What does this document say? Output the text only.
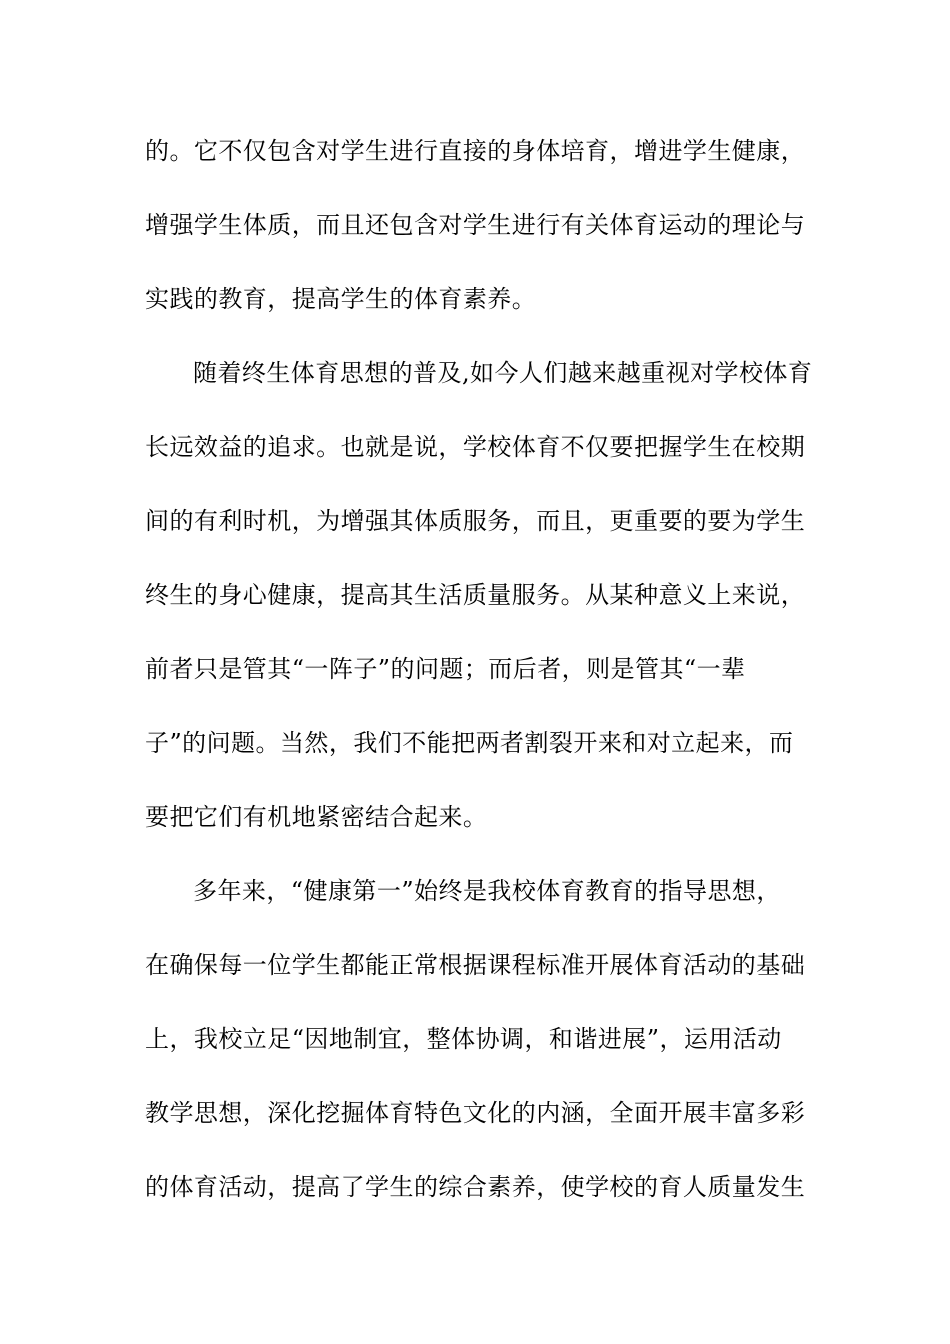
的。它不仅包含对学生进行直接的身体培育，增进学生健康，
增强学生体质，而且还包含对学生进行有关体育运动的理论与
实践的教育，提高学生的体育素养。
随着终生体育思想的普及,如今人们越来越重视对学校体育
长远效益的追求。也就是说，学校体育不仅要把握学生在校期
间的有利时机，为增强其体质服务，而且，更重要的要为学生
终生的身心健康，提高其生活质量服务。从某种意义上来说，
前者只是管其“一阵子”的问题；而后者，则是管其“一辈
子”的问题。当然，我们不能把两者割裂开来和对立起来，而
要把它们有机地紧密结合起来。
多年来，“健康第一”始终是我校体育教育的指导思想，
在确保每一位学生都能正常根据课程标准开展体育活动的基础
上，我校立足“因地制宜，整体协调，和谐进展”，运用活动
教学思想，深化挖掘体育特色文化的内涵，全面开展丰富多彩
的体育活动，提高了学生的综合素养，使学校的育人质量发生
